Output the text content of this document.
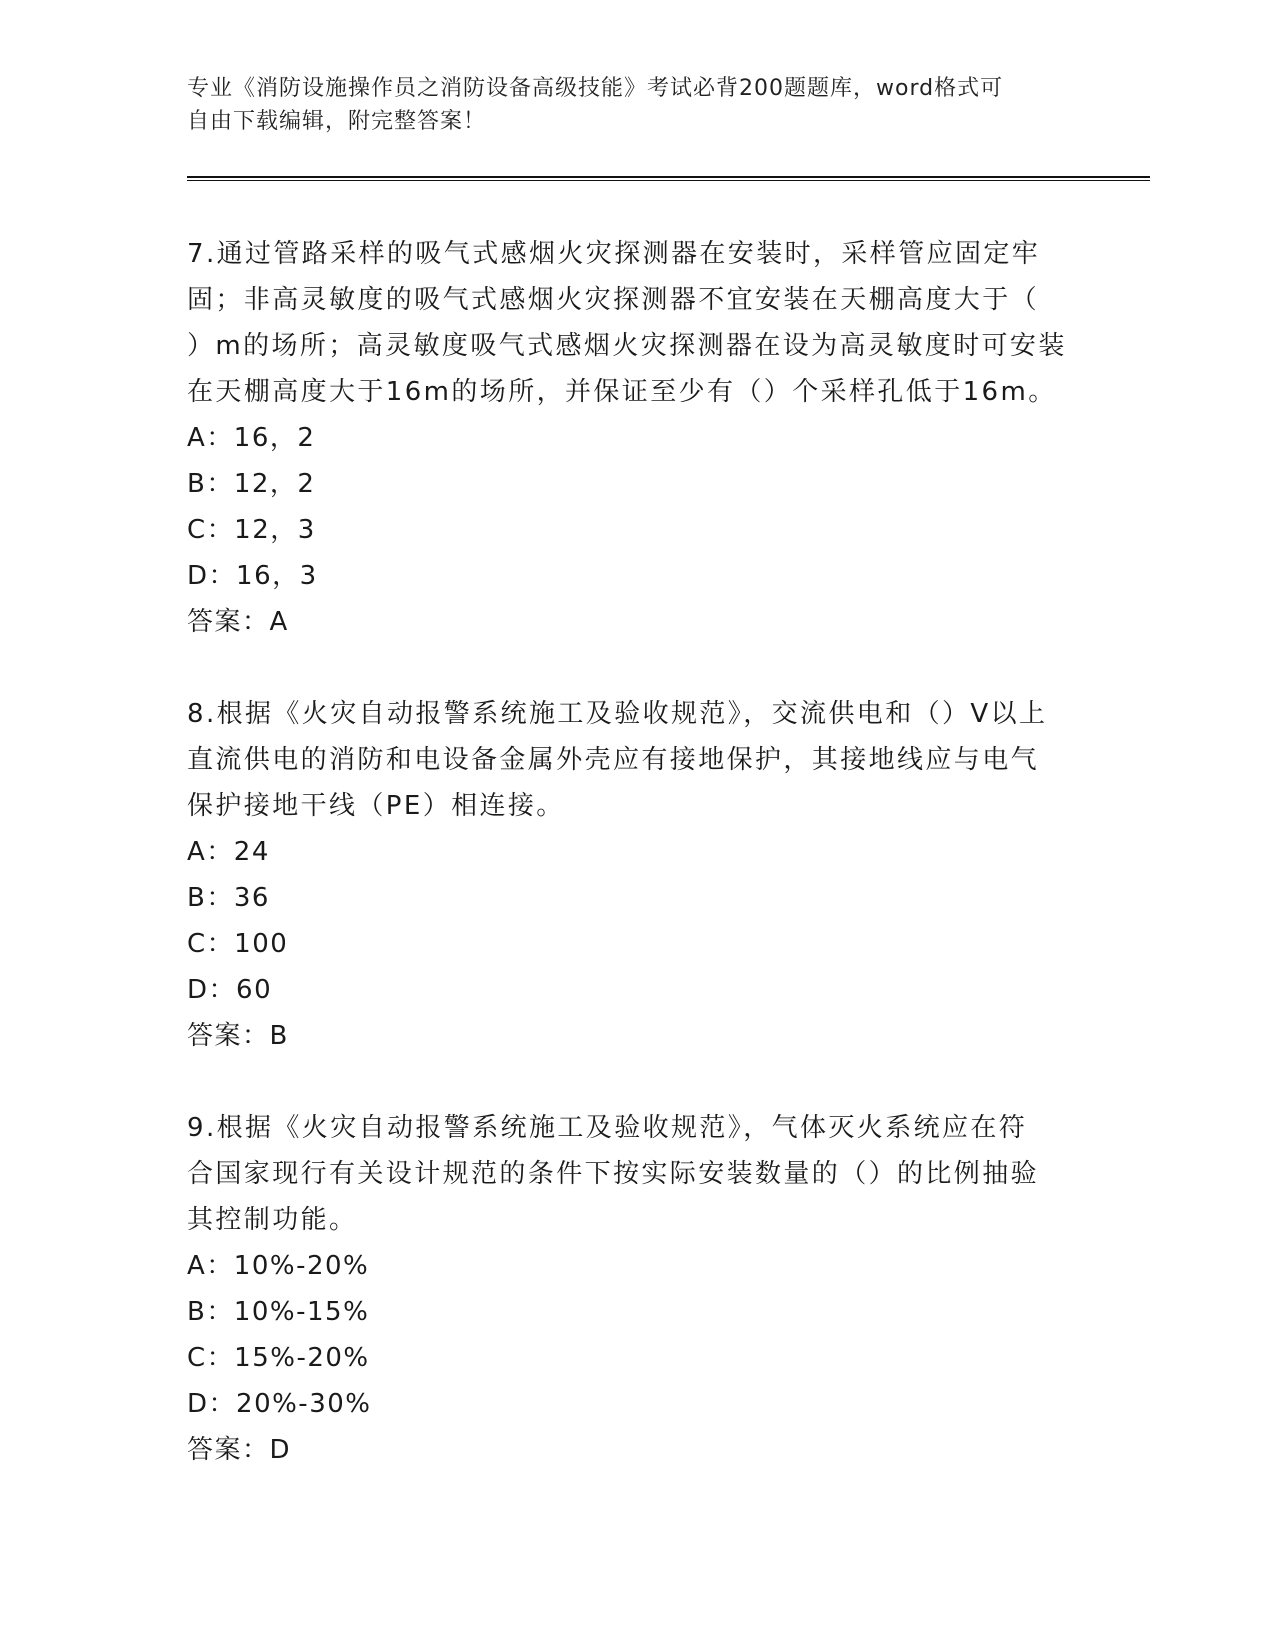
专业《消防设施操作员之消防设备高级技能》考试必背200题题库，word格式可

自由下载编辑，附完整答案！

7.通过管路采样的吸气式感烟火灾探测器在安装时，采样管应固定牢

固；非高灵敏度的吸气式感烟火灾探测器不宜安装在天棚高度大于（

）m的场所；高灵敏度吸气式感烟火灾探测器在设为高灵敏度时可安装

在天棚高度大于16m的场所，并保证至少有（）个采样孔低于16m。

A：16，2

B：12，2

C：12，3

D：16，3

答案：A

8.根据《火灾自动报警系统施工及验收规范》，交流供电和（）V以上

直流供电的消防和电设备金属外壳应有接地保护，其接地线应与电气

保护接地干线（PE）相连接。

A：24

B：36

C：100

D：60

答案：B

9.根据《火灾自动报警系统施工及验收规范》，气体灭火系统应在符

合国家现行有关设计规范的条件下按实际安装数量的（）的比例抽验

其控制功能。

A：10%-20%

B：10%-15%

C：15%-20%

D：20%-30%

答案：D
